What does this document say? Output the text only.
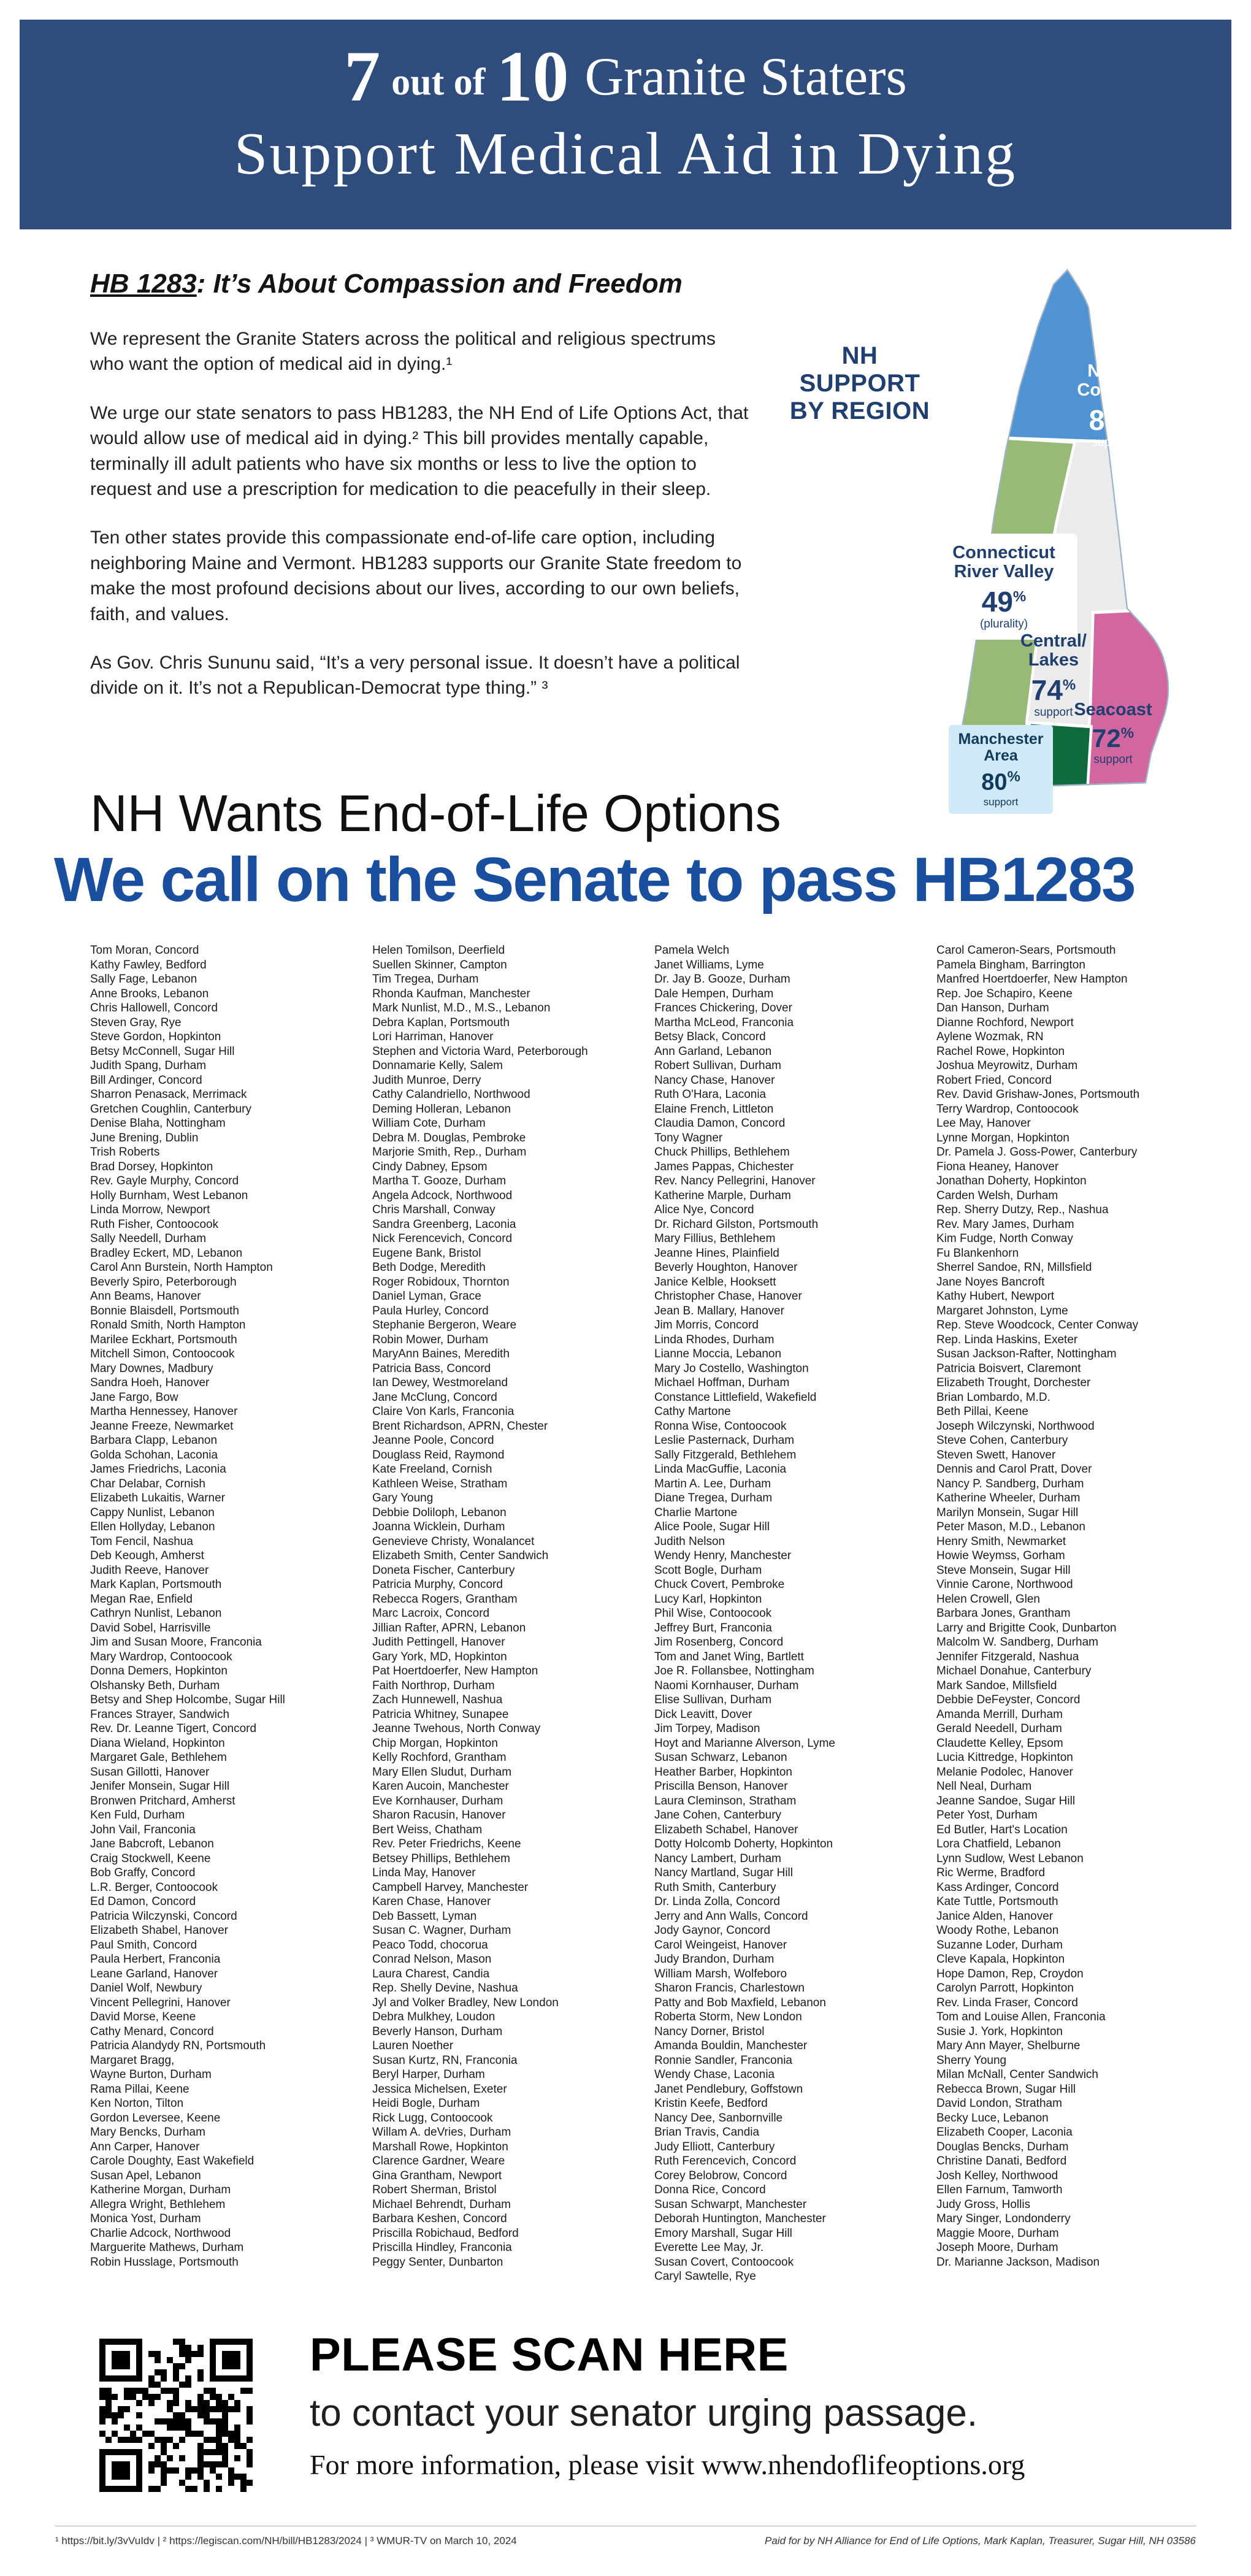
7 out of 10 Granite Staters
Support Medical Aid in Dying
HB 1283: It’s About Compassion and Freedom

We represent the Granite Staters across the political and religious spectrums who want the option of medical aid in dying.¹

We urge our state senators to pass HB1283, the NH End of Life Options Act, that would allow use of medical aid in dying.² This bill provides mentally capable, terminally ill adult patients who have six months or less to live the option to request and use a prescription for medication to die peacefully in their sleep.

Ten other states provide this compassionate end-of-life care option, including neighboring Maine and Vermont. HB1283 supports our Granite State freedom to make the most profound decisions about our lives, according to our own beliefs, faith, and values.

As Gov. Chris Sununu said, “It’s a very personal issue. It doesn’t have a political divide on it. It’s not a Republican-Democrat type thing.” ³

NH SUPPORT
BY REGION
North
Country
85%
support
Connecticut
River Valley
49%
(plurality)
Central/
Lakes
74%
support
Manchester
Area
80%
support
Seacoast
72%
support
NH Wants End-of-Life Options
We call on the Senate to pass HB1283
Tom Moran, Concord
Kathy Fawley, Bedford
Sally Fage, Lebanon
Anne Brooks, Lebanon
Chris Hallowell, Concord
Steven Gray, Rye
Steve Gordon, Hopkinton
Betsy McConnell, Sugar Hill
Judith Spang, Durham
Bill Ardinger, Concord
Sharron Penasack, Merrimack
Gretchen Coughlin, Canterbury
Denise Blaha, Nottingham
June Brening, Dublin
Trish Roberts
Brad Dorsey, Hopkinton
Rev. Gayle Murphy, Concord
Holly Burnham, West Lebanon
Linda Morrow, Newport
Ruth Fisher, Contoocook
Sally Needell, Durham
Bradley Eckert, MD, Lebanon
Carol Ann Burstein, North Hampton
Beverly Spiro, Peterborough
Ann Beams, Hanover
Bonnie Blaisdell, Portsmouth
Ronald Smith, North Hampton
Marilee Eckhart, Portsmouth
Mitchell Simon, Contoocook
Mary Downes, Madbury
Sandra Hoeh, Hanover
Jane Fargo, Bow
Martha Hennessey, Hanover
Jeanne Freeze, Newmarket
Barbara Clapp, Lebanon
Golda Schohan, Laconia
James Friedrichs, Laconia
Char Delabar, Cornish
Elizabeth Lukaitis, Warner
Cappy Nunlist, Lebanon
Ellen Hollyday, Lebanon
Tom Fencil, Nashua
Deb Keough, Amherst
Judith Reeve, Hanover
Mark Kaplan, Portsmouth
Megan Rae, Enfield
Cathryn Nunlist, Lebanon
David Sobel, Harrisville
Jim and Susan Moore, Franconia
Mary Wardrop, Contoocook
Donna Demers, Hopkinton
Olshansky Beth, Durham
Betsy and Shep Holcombe, Sugar Hill
Frances Strayer, Sandwich
Rev. Dr. Leanne Tigert, Concord
Diana Wieland, Hopkinton
Margaret Gale, Bethlehem
Susan Gillotti, Hanover
Jenifer Monsein, Sugar Hill
Bronwen Pritchard, Amherst
Ken Fuld, Durham
John Vail, Franconia
Jane Babcroft, Lebanon
Craig Stockwell, Keene
Bob Graffy, Concord
L.R. Berger, Contoocook
Ed Damon, Concord
Patricia Wilczynski, Concord
Elizabeth Shabel, Hanover
Paul Smith, Concord
Paula Herbert, Franconia
Leane Garland, Hanover
Daniel Wolf, Newbury
Vincent Pellegrini, Hanover
David Morse, Keene
Cathy Menard, Concord
Patricia Alandydy RN, Portsmouth
Margaret Bragg,
Wayne Burton, Durham
Rama Pillai, Keene
Ken Norton, Tilton
Gordon Leversee, Keene
Mary Bencks, Durham
Ann Carper, Hanover
Carole Doughty, East Wakefield
Susan Apel, Lebanon
Katherine Morgan, Durham
Allegra Wright, Bethlehem
Monica Yost, Durham
Charlie Adcock, Northwood
Marguerite Mathews, Durham
Robin Husslage, Portsmouth
Helen Tomilson, Deerfield
Suellen Skinner, Campton
Tim Tregea, Durham
Rhonda Kaufman, Manchester
Mark Nunlist, M.D., M.S., Lebanon
Debra Kaplan, Portsmouth
Lori Harriman, Hanover
Stephen and Victoria Ward, Peterborough
Donnamarie Kelly, Salem
Judith Munroe, Derry
Cathy Calandriello, Northwood
Deming Holleran, Lebanon
William Cote, Durham
Debra M. Douglas, Pembroke
Marjorie Smith, Rep., Durham
Cindy Dabney, Epsom
Martha T. Gooze, Durham
Angela Adcock, Northwood
Chris Marshall, Conway
Sandra Greenberg, Laconia
Nick Ferencevich, Concord
Eugene Bank, Bristol
Beth Dodge, Meredith
Roger Robidoux, Thornton
Daniel Lyman, Grace
Paula Hurley, Concord
Stephanie Bergeron, Weare
Robin Mower, Durham
MaryAnn Baines, Meredith
Patricia Bass, Concord
Ian Dewey, Westmoreland
Jane McClung, Concord
Claire Von Karls, Franconia
Brent Richardson, APRN, Chester
Jeanne Poole, Concord
Douglass Reid, Raymond
Kate Freeland, Cornish
Kathleen Weise, Stratham
Gary Young
Debbie Doliloph, Lebanon
Joanna Wicklein, Durham
Genevieve Christy, Wonalancet
Elizabeth Smith, Center Sandwich
Doneta Fischer, Canterbury
Patricia Murphy, Concord
Rebecca Rogers, Grantham
Marc Lacroix, Concord
Jillian Rafter, APRN, Lebanon
Judith Pettingell, Hanover
Gary York, MD, Hopkinton
Pat Hoertdoerfer, New Hampton
Faith Northrop, Durham
Zach Hunnewell, Nashua
Patricia Whitney, Sunapee
Jeanne Twehous, North Conway
Chip Morgan, Hopkinton
Kelly Rochford, Grantham
Mary Ellen Sludut, Durham
Karen Aucoin, Manchester
Eve Kornhauser, Durham
Sharon Racusin, Hanover
Bert Weiss, Chatham
Rev. Peter Friedrichs, Keene
Betsey Phillips, Bethlehem
Linda May, Hanover
Campbell Harvey, Manchester
Karen Chase, Hanover
Deb Bassett, Lyman
Susan C. Wagner, Durham
Peaco Todd, chocorua
Conrad Nelson, Mason
Laura Charest, Candia
Rep. Shelly Devine, Nashua
Jyl and Volker Bradley, New London
Debra Mulkhey, Loudon
Beverly Hanson, Durham
Lauren Noether
Susan Kurtz, RN, Franconia
Beryl Harper, Durham
Jessica Michelsen, Exeter
Heidi Bogle, Durham
Rick Lugg, Contoocook
Willam A. deVries, Durham
Marshall Rowe, Hopkinton
Clarence Gardner, Weare
Gina Grantham, Newport
Robert Sherman, Bristol
Michael Behrendt, Durham
Barbara Keshen, Concord
Priscilla Robichaud, Bedford
Priscilla Hindley, Franconia
Peggy Senter, Dunbarton
Pamela Welch
Janet Williams, Lyme
Dr. Jay B. Gooze, Durham
Dale Hempen, Durham
Frances Chickering, Dover
Martha McLeod, Franconia
Betsy Black, Concord
Ann Garland, Lebanon
Robert Sullivan, Durham
Nancy Chase, Hanover
Ruth O'Hara, Laconia
Elaine French, Littleton
Claudia Damon, Concord
Tony Wagner
Chuck Phillips, Bethlehem
James Pappas, Chichester
Rev. Nancy Pellegrini, Hanover
Katherine Marple, Durham
Alice Nye, Concord
Dr. Richard Gilston, Portsmouth
Mary Fillius, Bethlehem
Jeanne Hines, Plainfield
Beverly Houghton, Hanover
Janice Kelble, Hooksett
Christopher Chase, Hanover
Jean B. Mallary, Hanover
Jim Morris, Concord
Linda Rhodes, Durham
Lianne Moccia, Lebanon
Mary Jo Costello, Washington
Michael Hoffman, Durham
Constance Littlefield, Wakefield
Cathy Martone
Ronna Wise, Contoocook
Leslie Pasternack, Durham
Sally Fitzgerald, Bethlehem
Linda MacGuffie, Laconia
Martin A. Lee, Durham
Diane Tregea, Durham
Charlie Martone
Alice Poole, Sugar Hill
Judith Nelson
Wendy Henry, Manchester
Scott Bogle, Durham
Chuck Covert, Pembroke
Lucy Karl, Hopkinton
Phil Wise, Contoocook
Jeffrey Burt, Franconia
Jim Rosenberg, Concord
Tom and Janet Wing, Bartlett
Joe R. Follansbee, Nottingham
Naomi Kornhauser, Durham
Elise Sullivan, Durham
Dick Leavitt, Dover
Jim Torpey, Madison
Hoyt and Marianne Alverson, Lyme
Susan Schwarz, Lebanon
Heather Barber, Hopkinton
Priscilla Benson, Hanover
Laura Cleminson, Stratham
Jane Cohen, Canterbury
Elizabeth Schabel, Hanover
Dotty Holcomb Doherty, Hopkinton
Nancy Lambert, Durham
Nancy Martland, Sugar Hill
Ruth Smith, Canterbury
Dr. Linda Zolla, Concord
Jerry and Ann Walls, Concord
Jody Gaynor, Concord
Carol Weingeist, Hanover
Judy Brandon, Durham
William Marsh, Wolfeboro
Sharon Francis, Charlestown
Patty and Bob Maxfield, Lebanon
Roberta Storm, New London
Nancy Dorner, Bristol
Amanda Bouldin, Manchester
Ronnie Sandler, Franconia
Wendy Chase, Laconia
Janet Pendlebury, Goffstown
Kristin Keefe, Bedford
Nancy Dee, Sanbornville
Brian Travis, Candia
Judy Elliott, Canterbury
Ruth Ferencevich, Concord
Corey Belobrow, Concord
Donna Rice, Concord
Susan Schwarpt, Manchester
Deborah Huntington, Manchester
Emory Marshall, Sugar Hill
Everette Lee May, Jr.
Susan Covert, Contoocook
Caryl Sawtelle, Rye
Carol Cameron-Sears, Portsmouth
Pamela Bingham, Barrington
Manfred Hoertdoerfer, New Hampton
Rep. Joe Schapiro, Keene
Dan Hanson, Durham
Dianne Rochford, Newport
Aylene Wozmak, RN
Rachel Rowe, Hopkinton
Joshua Meyrowitz, Durham
Robert Fried, Concord
Rev. David Grishaw-Jones, Portsmouth
Terry Wardrop, Contoocook
Lee May, Hanover
Lynne Morgan, Hopkinton
Dr. Pamela J. Goss-Power, Canterbury
Fiona Heaney, Hanover
Jonathan Doherty, Hopkinton
Carden Welsh, Durham
Rep. Sherry Dutzy, Rep., Nashua
Rev. Mary James, Durham
Kim Fudge, North Conway
Fu Blankenhorn
Sherrel Sandoe, RN, Millsfield
Jane Noyes Bancroft
Kathy Hubert, Newport
Margaret Johnston, Lyme
Rep. Steve Woodcock, Center Conway
Rep. Linda Haskins, Exeter
Susan Jackson-Rafter, Nottingham
Patricia Boisvert, Claremont
Elizabeth Trought, Dorchester
Brian Lombardo, M.D.
Beth Pillai, Keene
Joseph Wilczynski, Northwood
Steve Cohen, Canterbury
Steven Swett, Hanover
Dennis and Carol Pratt, Dover
Nancy P. Sandberg, Durham
Katherine Wheeler, Durham
Marilyn Monsein, Sugar Hill
Peter Mason, M.D., Lebanon
Henry Smith, Newmarket
Howie Weymss, Gorham
Steve Monsein, Sugar Hill
Vinnie Carone, Northwood
Helen Crowell, Glen
Barbara Jones, Grantham
Larry and Brigitte Cook, Dunbarton
Malcolm W. Sandberg, Durham
Jennifer Fitzgerald, Nashua
Michael Donahue, Canterbury
Mark Sandoe, Millsfield
Debbie DeFeyster, Concord
Amanda Merrill, Durham
Gerald Needell, Durham
Claudette Kelley, Epsom
Lucia Kittredge, Hopkinton
Melanie Podolec, Hanover
Nell Neal, Durham
Jeanne Sandoe, Sugar Hill
Peter Yost, Durham
Ed Butler, Hart's Location
Lora Chatfield, Lebanon
Lynn Sudlow, West Lebanon
Ric Werme, Bradford
Kass Ardinger, Concord
Kate Tuttle, Portsmouth
Janice Alden, Hanover
Woody Rothe, Lebanon
Suzanne Loder, Durham
Cleve Kapala, Hopkinton
Hope Damon, Rep, Croydon
Carolyn Parrott, Hopkinton
Rev. Linda Fraser, Concord
Tom and Louise Allen, Franconia
Susie J. York, Hopkinton
Mary Ann Mayer, Shelburne
Sherry Young
Milan McNall, Center Sandwich
Rebecca Brown, Sugar Hill
David London, Stratham
Becky Luce, Lebanon
Elizabeth Cooper, Laconia
Douglas Bencks, Durham
Christine Danati, Bedford
Josh Kelley, Northwood
Ellen Farnum, Tamworth
Judy Gross, Hollis
Mary Singer, Londonderry
Maggie Moore, Durham
Joseph Moore, Durham
Dr. Marianne Jackson, Madison
PLEASE SCAN HERE
to contact your senator urging passage.
For more information, please visit www.nhendoflifeoptions.org
¹ https://bit.ly/3vVuIdv | ² https://legiscan.com/NH/bill/HB1283/2024 | ³ WMUR-TV on March 10, 2024	Paid for by NH Alliance for End of Life Options, Mark Kaplan, Treasurer, Sugar Hill, NH 03586
